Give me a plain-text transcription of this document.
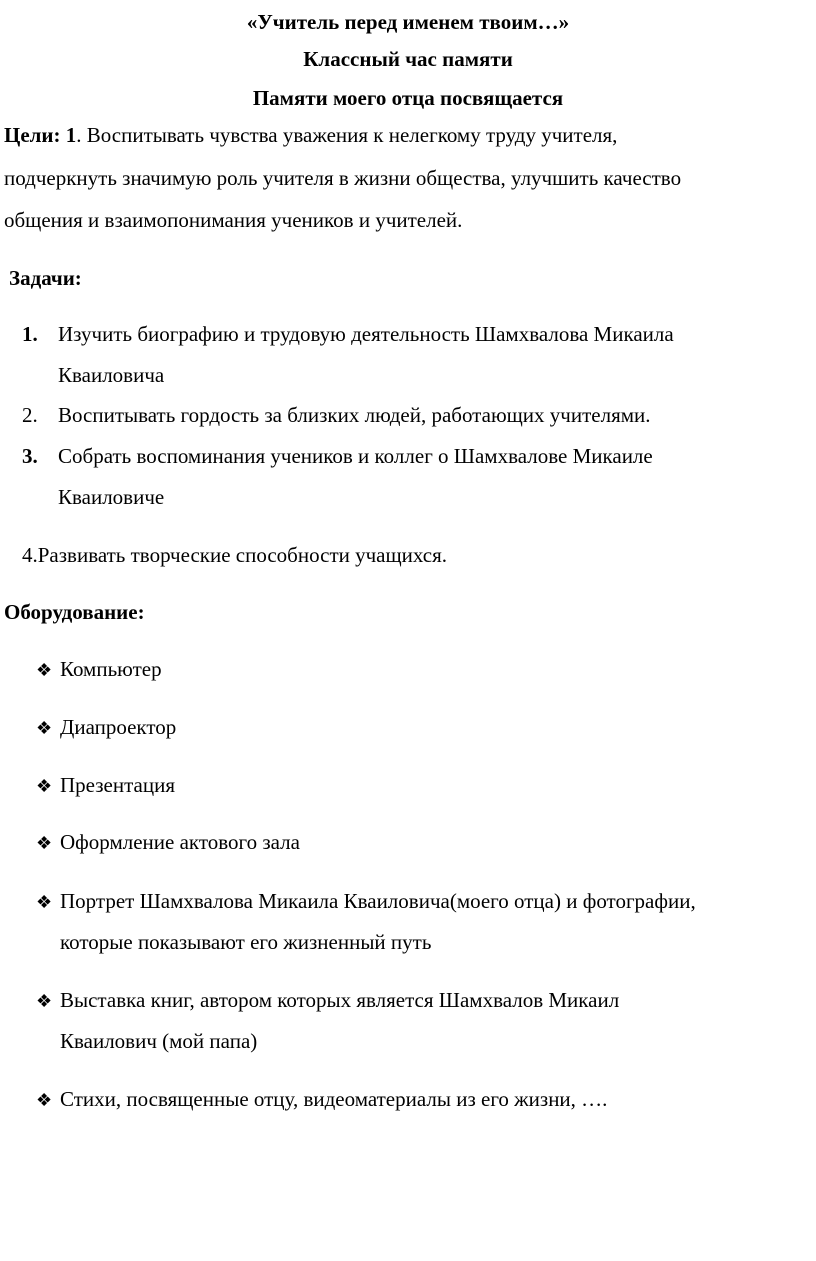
«Учитель перед именем твоим…»
Классный час памяти
Памяти моего отца посвящается
Цели: 1. Воспитывать чувства уважения к нелегкому труду учителя,
подчеркнуть значимую роль учителя в жизни общества, улучшить качество
общения и взаимопонимания учеников и учителей.
Задачи:
1. Изучить биографию и трудовую деятельность Шамхвалова Микаила
Кваиловича
2. Воспитывать гордость за близких людей, работающих учителями.
3. Собрать воспоминания учеников и коллег о Шамхвалове Микаиле
Кваиловиче
4.Развивать творческие способности учащихся.
Оборудование:
❖ Компьютер
❖ Диапроектор
❖ Презентация
❖ Оформление актового зала
❖ Портрет Шамхвалова Микаила Кваиловича(моего отца) и фотографии,
которые показывают его жизненный путь
❖ Выставка книг, автором которых является Шамхвалов Микаил
Кваилович (мой папа)
❖ Стихи, посвященные отцу, видеоматериалы из его жизни, ….
